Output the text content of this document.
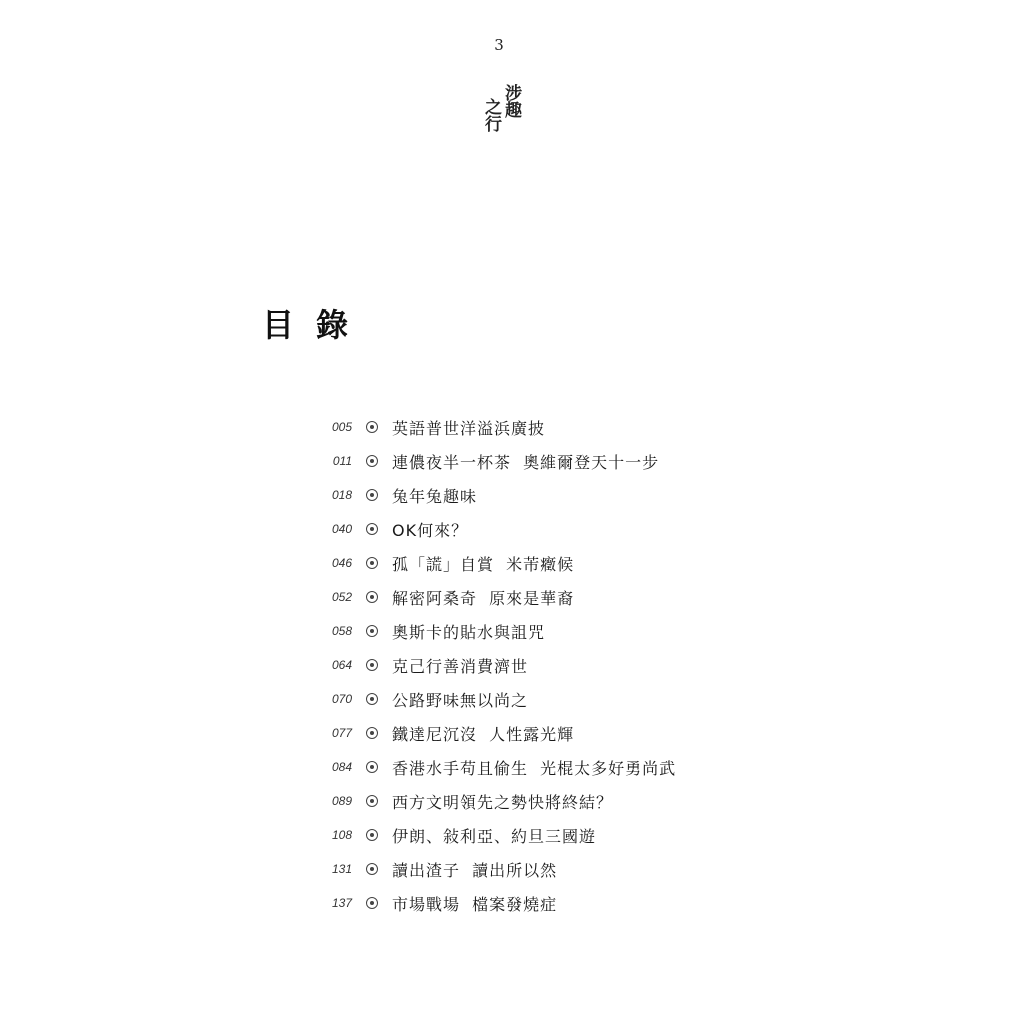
3
涉趣
之行
目錄
005	英語普世洋溢浜廣披
011	連儂夜半一杯茶  奧維爾登天十一步
018	兔年兔趣味
040	OK何來？
046	孤「謊」自賞  米芾癥候
052	解密阿桑奇  原來是華裔
058	奧斯卡的貼水與詛咒
064	克己行善消費濟世
070	公路野味無以尚之
077	鐵達尼沉沒  人性露光輝
084	香港水手苟且偷生  光棍太多好勇尚武
089	西方文明領先之勢快將終結？
108	伊朗、敍利亞、約旦三國遊
131	讀出渣子  讀出所以然
137	市場戰場  檔案發燒症
